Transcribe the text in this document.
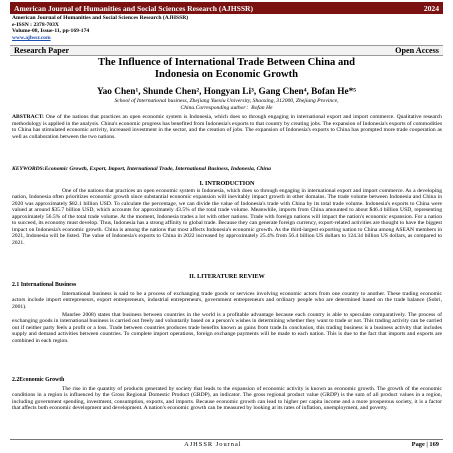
American Journal of Humanities and Social Sciences Research (AJHSSR)	2024
American Journal of Humanities and Social Sciences Research (AJHSSR)
e-ISSN : 2378-703X
Volume-08, Issue-11, pp-169-174
www.ajhssr.com
Research Paper	Open Access
The Influence of International Trade Between China and
Indonesia on Economic Growth
Yao Chen¹, Shunde Chen², Hongyan Li³, Gang Chen⁴, Bofan He*⁵
School of International business, Zhejiang Yuexiu University, Shaoxing, 312000, Zhejiang Province,
China.Corresponding author：Bofan He
ABSTRACT: One of the nations that practices an open economic system is Indonesia, which does so through engaging in international export and import commerce. Qualitative research methodology is applied in the analysis. China's economic progress has benefited from Indonesia's exports to that country by creating jobs. The expansion of Indonesia's exports of commodities to China has stimulated economic activity, increased investment in the sector, and the creation of jobs. The expansion of Indonesia's exports to China has prompted more trade cooperation as well as collaboration between the two nations.
KEYWORDS:Economic Growth, Export, Import, International Trade, International Business, Indonesia, China
I. INTRODUCTION
One of the nations that practices an open economic system is Indonesia, which does so through engaging in international export and import commerce. As a developing nation, Indonesia often prioritizes economic growth since substantial economic expansion will inevitably impact growth in other domains. The trade volume between Indonesia and China in 2020 was approximately $82.1 billion USD. To calculate the percentage, we can divide the value of Indonesia's trade with China by its total trade volume. Indonesia's exports to China were valued at around $35.7 billion USD, which accounts for approximately 43.5% of the total trade volume. Meanwhile, imports from China amounted to about $46.4 billion USD, representing approximately 56.5% of the total trade volume. At the moment, Indonesia trades a lot with other nations. Trade with foreign nations will impact the nation's economic expansion. For a nation to succeed, its economy must develop. Thus, Indonesia has a strong affinity to global trade. Because they can generate foreign currency, export-related activities are thought to have the biggest impact on Indonesia's economic growth. China is among the nations that most affects Indonesia's economic growth. As the third-largest exporting nation to China among ASEAN members in 2021, Indonesia will be listed. The value of Indonesia's exports to China in 2022 increased by approximately 25.4% from 56.4 billion US dollars to 124.34 billion US dollars, as compared to 2021.
II. LITERATURE REVIEW
2.1 International Business
International business is said to be a process of exchanging trade goods or services involving economic actors from one country to another. These trading economic actors include import entrepreneurs, export entrepreneurs, industrial entrepreneurs, government entrepreneurs and ordinary people who are determined based on the trade balance (Sobri, 2001).
Manrlee 2008) states that business between countries in the world is a profitable advantage because each country is able to speculate comparatively. The process of exchanging goods in international business is carried out freely and voluntarily based on a person's wishes in determining whether they want to trade or not. This trading activity can be carried out if neither party feels a profit or a loss. Trade between countries produces trade benefits known as gains from trade.In conclusion, this trading business is a business activity that includes supply and demand activities between countries. To complete import operations, foreign exchange payments will be made to each nation. This is due to the fact that imports and exports are combined in each region.
2.2Economic Growth
The rise in the quantity of products generated by society that leads to the expansion of economic activity is known as economic growth. The growth of the economic conditions in a region is influenced by the Gross Regional Domestic Product (GRDP), an indicator. The gross regional product value (GRDP) is the sum of all product values in a region, including government spending, investment, consumption, exports, and imports. Because economic growth can lead to higher per capita income and a more prosperous society, it is a factor that affects both economic development and development. A nation's economic growth can be measured by looking at its rates of inflation, unemployment, and poverty.
AJHSSR Journal	Page | 169
